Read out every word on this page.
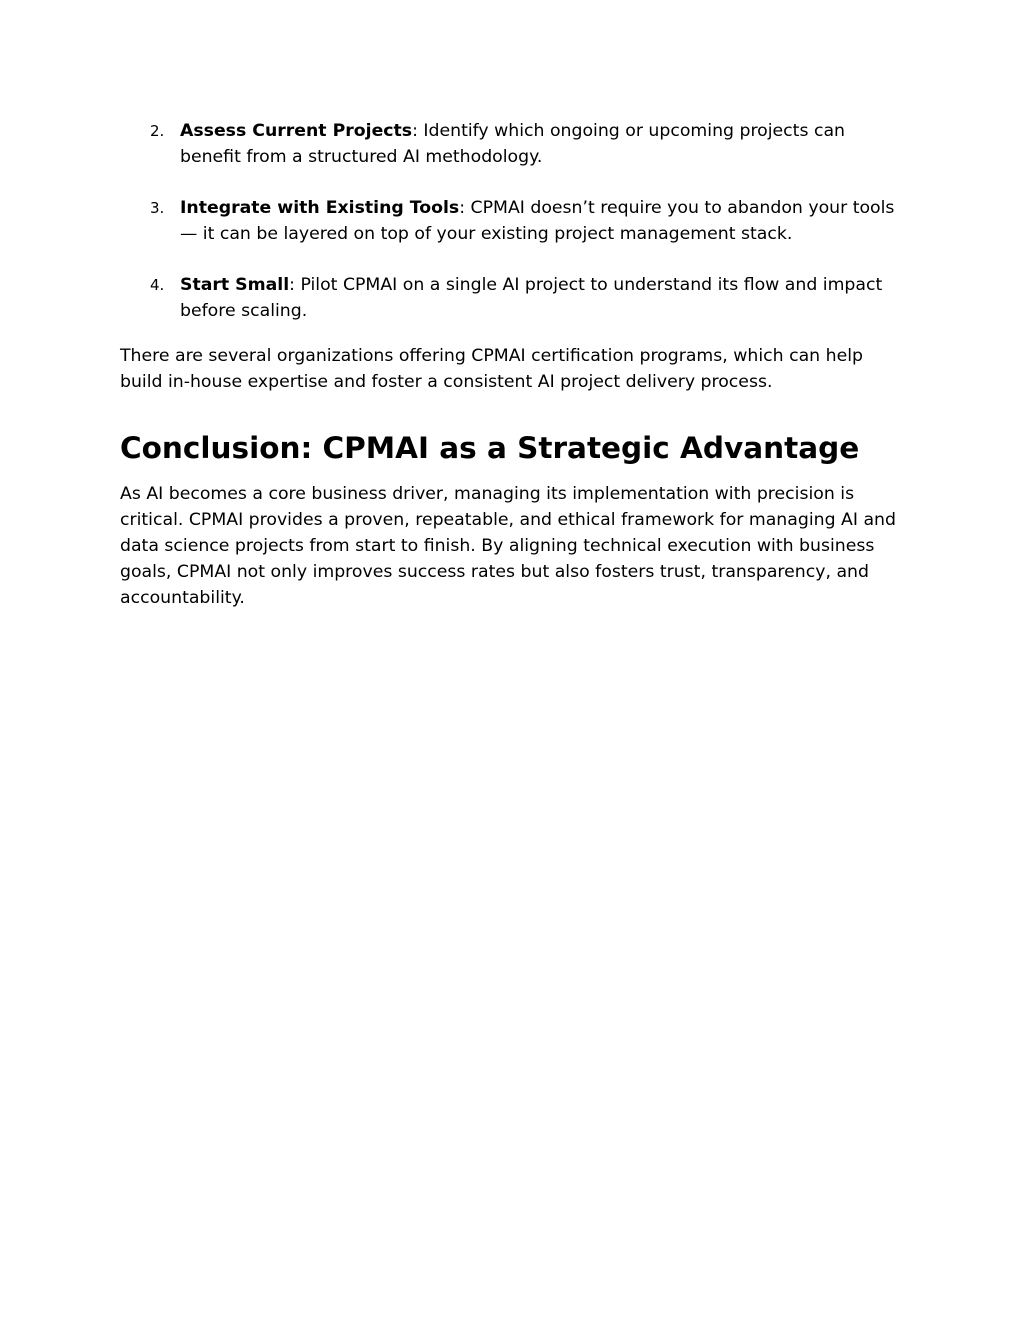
2. Assess Current Projects: Identify which ongoing or upcoming projects can benefit from a structured AI methodology.
3. Integrate with Existing Tools: CPMAI doesn’t require you to abandon your tools — it can be layered on top of your existing project management stack.
4. Start Small: Pilot CPMAI on a single AI project to understand its flow and impact before scaling.

There are several organizations offering CPMAI certification programs, which can help build in-house expertise and foster a consistent AI project delivery process.

Conclusion: CPMAI as a Strategic Advantage

As AI becomes a core business driver, managing its implementation with precision is critical. CPMAI provides a proven, repeatable, and ethical framework for managing AI and data science projects from start to finish. By aligning technical execution with business goals, CPMAI not only improves success rates but also fosters trust, transparency, and accountability.
